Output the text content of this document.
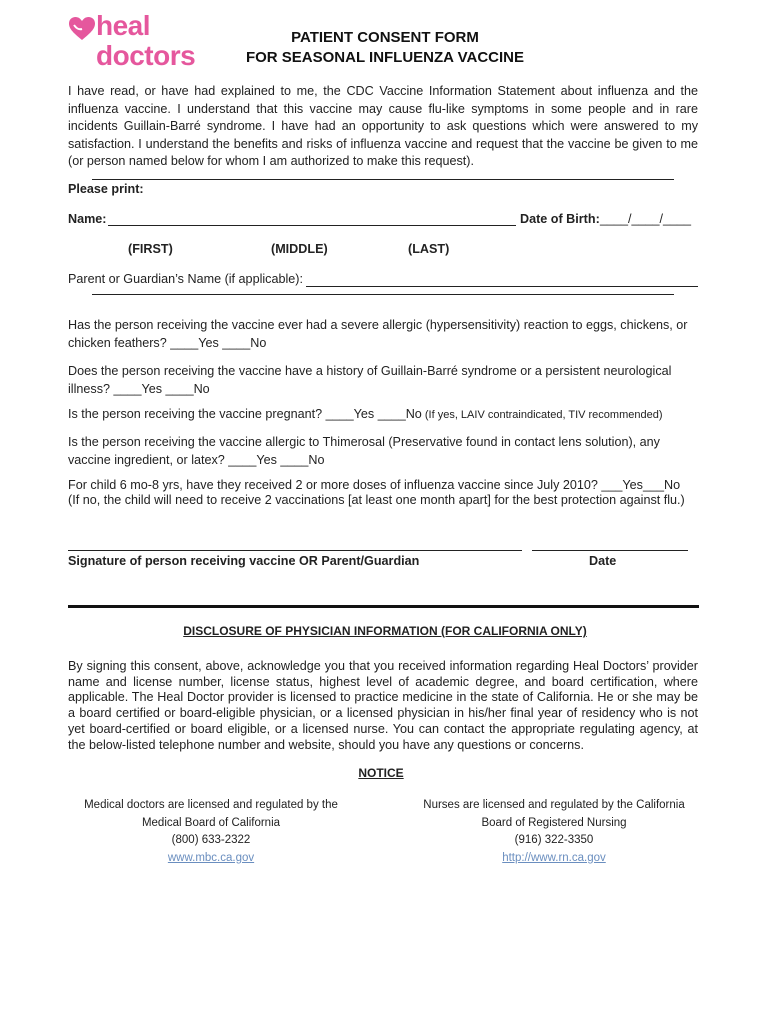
heal
doctors
PATIENT CONSENT FORM
FOR SEASONAL INFLUENZA VACCINE
I have read, or have had explained to me, the CDC Vaccine Information Statement about influenza and the influenza vaccine. I understand that this vaccine may cause flu-like symptoms in some people and in rare incidents Guillain-Barré syndrome. I have had an opportunity to ask questions which were answered to my satisfaction. I understand the benefits and risks of influenza vaccine and request that the vaccine be given to me (or person named below for whom I am authorized to make this request).
Please print:
Name:	Date of Birth: ____/____/____
(FIRST)	(MIDDLE)	(LAST)
Parent or Guardian’s Name (if applicable):
Has the person receiving the vaccine ever had a severe allergic (hypersensitivity) reaction to eggs, chickens, or chicken feathers? ____Yes ____No
Does the person receiving the vaccine have a history of Guillain-Barré syndrome or a persistent neurological illness? ____Yes ____No
Is the person receiving the vaccine pregnant? ____Yes ____No (If yes, LAIV contraindicated, TIV recommended)
Is the person receiving the vaccine allergic to Thimerosal (Preservative found in contact lens solution), any vaccine ingredient, or latex? ____Yes ____No
For child 6 mo-8 yrs, have they received 2 or more doses of influenza vaccine since July 2010? ___Yes___No
(If no, the child will need to receive 2 vaccinations [at least one month apart] for the best protection against flu.)
Signature of person receiving vaccine OR Parent/Guardian	Date
DISCLOSURE OF PHYSICIAN INFORMATION (FOR CALIFORNIA ONLY)
By signing this consent, above, acknowledge you that you received information regarding Heal Doctors’ provider name and license number, license status, highest level of academic degree, and board certification, where applicable. The Heal Doctor provider is licensed to practice medicine in the state of California. He or she may be a board certified or board-eligible physician, or a licensed physician in his/her final year of residency who is not yet board-certified or board eligible, or a licensed nurse. You can contact the appropriate regulating agency, at the below-listed telephone number and website, should you have any questions or concerns.
NOTICE
Medical doctors are licensed and regulated by the
Medical Board of California
(800) 633-2322
www.mbc.ca.gov
Nurses are licensed and regulated by the California
Board of Registered Nursing
(916) 322-3350
http://www.rn.ca.gov
